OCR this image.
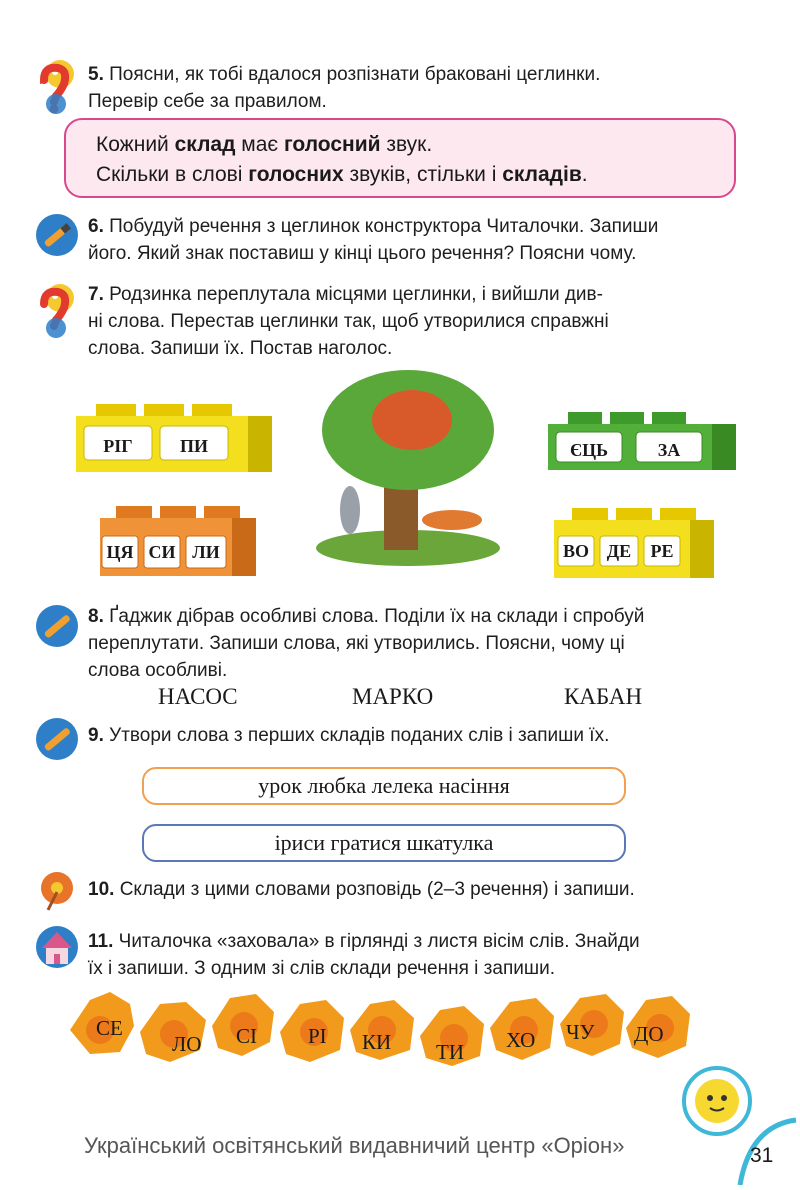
5. Поясни, як тобі вдалося розпізнати браковані цеглинки.
Перевір себе за правилом.
Кожний склад має голосний звук.
Скільки в слові голосних звуків, стільки і складів.
6. Побудуй речення з цеглинок конструктора Читалочки. Запиши
його. Який знак поставиш у кінці цього речення? Поясни чому.
7. Родзинка переплутала місцями цеглинки, і вийшли див-
ні слова. Перестав цеглинки так, щоб утворилися справжні
слова. Запиши їх. Постав наголос.
РІГ	ПИ
ЦЯ СИ ЛИ
ЄЦЬ	ЗА
ВО ДЕ	РЕ
8. Ґаджик дібрав особливі слова. Поділи їх на склади і спробуй
переплутати. Запиши слова, які утворились. Поясни, чому ці
слова особливі.
НАСОС	МАРКО	КАБАН
9. Утвори слова з перших складів поданих слів і запиши їх.
урок любка лелека насіння
іриси гратися шкатулка
10. Склади з цими словами розповідь (2–3 речення) і запиши.
11. Читалочка «заховала» в гірлянді з листя вісім слів. Знайди
їх і запиши. З одним зі слів склади речення і запиши.
СЕ
ЛО СІ РІ КИ ТИ ХО ЧУ ДО
Український освітянський видавничий центр «Оріон»	31
